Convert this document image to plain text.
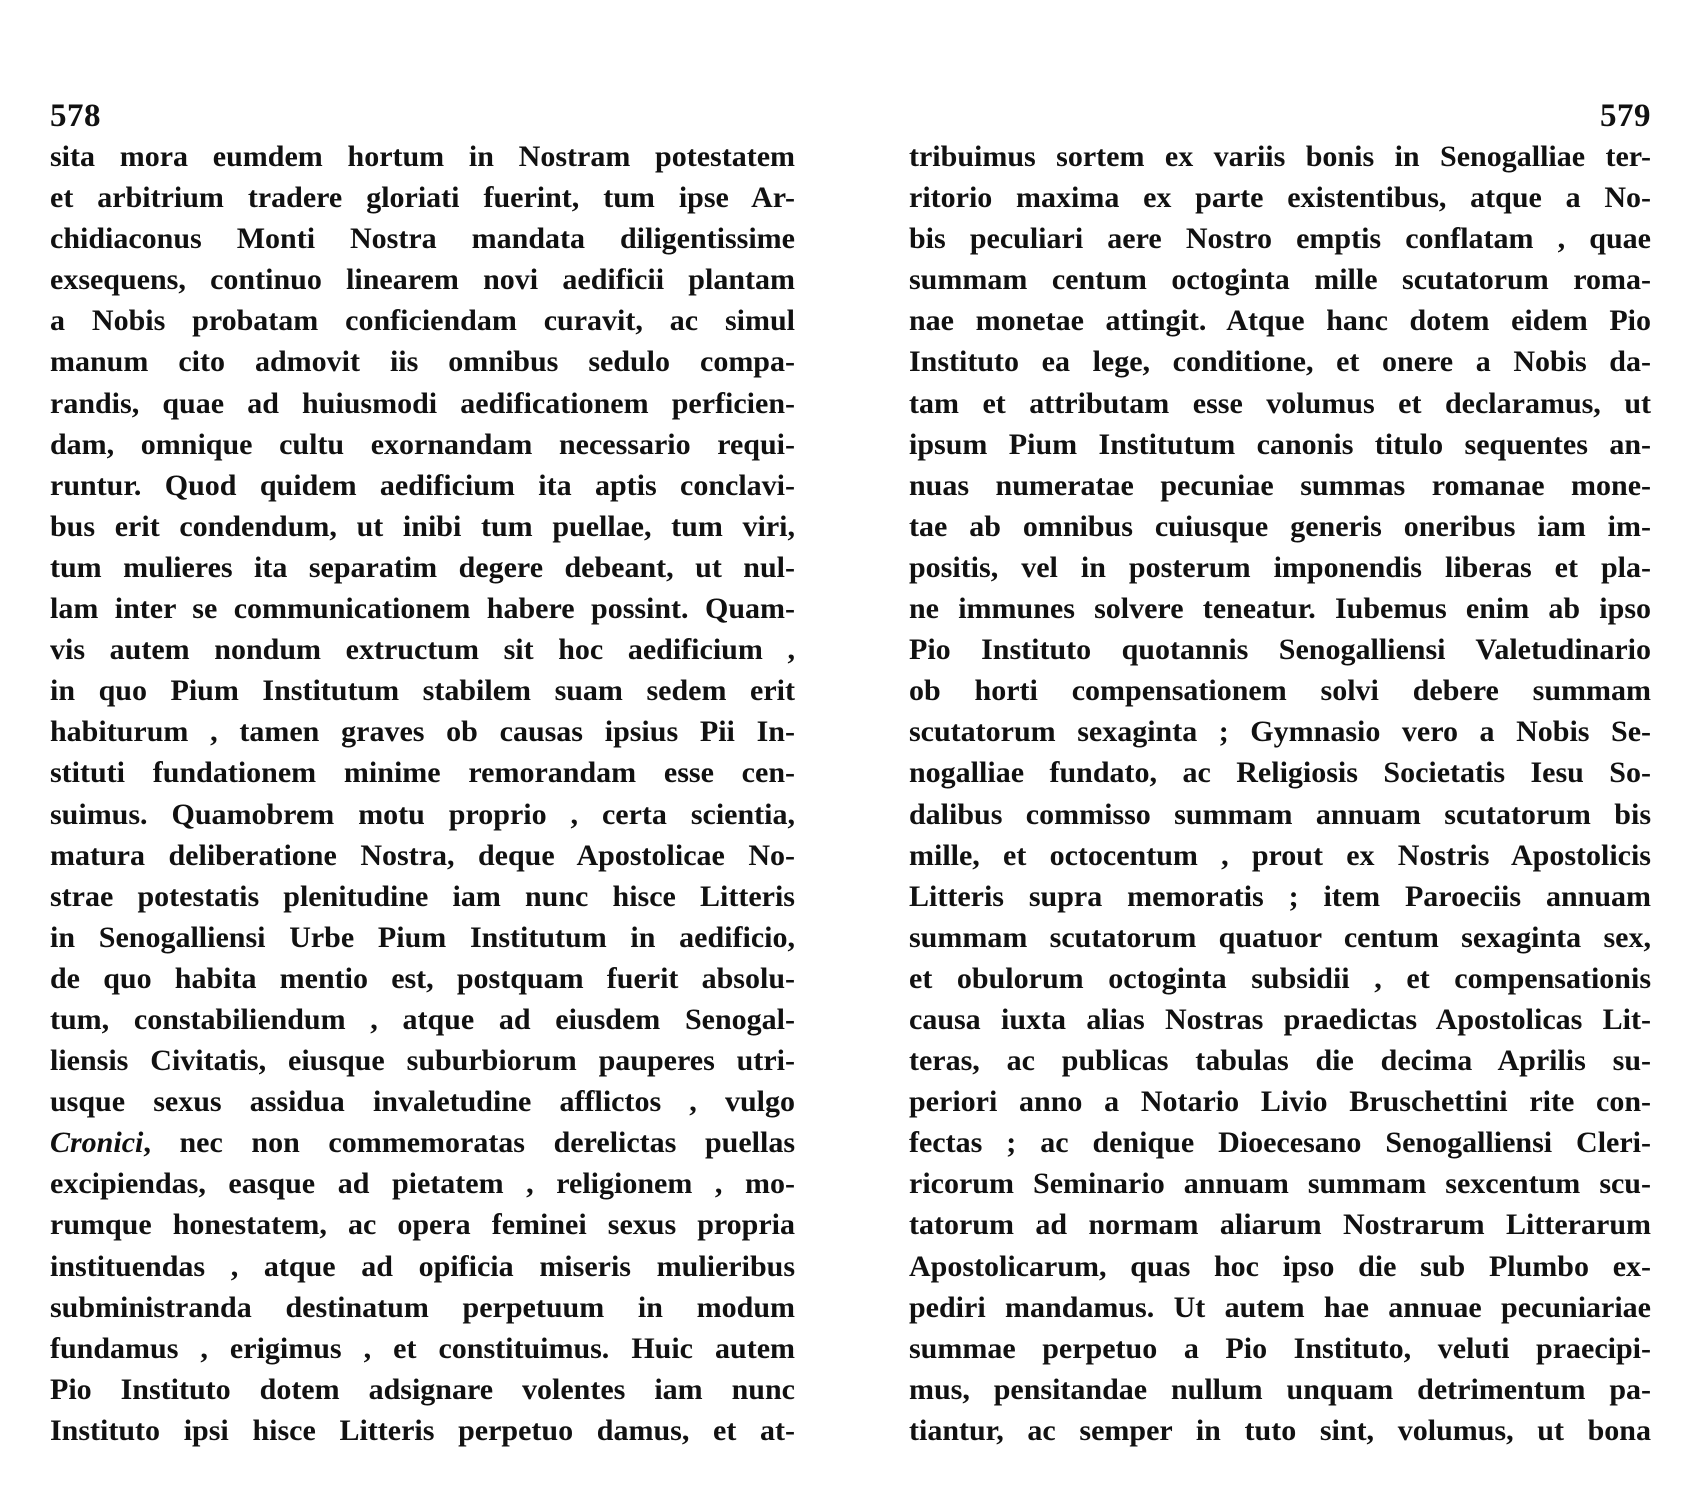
578
sita mora eumdem hortum in Nostram potestatem
et arbitrium tradere gloriati fuerint, tum ipse Ar-
chidiaconus Monti Nostra mandata diligentissime
exsequens, continuo linearem novi aedificii plantam
a Nobis probatam conficiendam curavit, ac simul
manum cito admovit iis omnibus sedulo compa-
randis, quae ad huiusmodi aedificationem perficien-
dam, omnique cultu exornandam necessario requi-
runtur. Quod quidem aedificium ita aptis conclavi-
bus erit condendum, ut inibi tum puellae, tum viri,
tum mulieres ita separatim degere debeant, ut nul-
lam inter se communicationem habere possint. Quam-
vis autem nondum extructum sit hoc aedificium ,
in quo Pium Institutum stabilem suam sedem erit
habiturum , tamen graves ob causas ipsius Pii In-
stituti fundationem minime remorandam esse cen-
suimus. Quamobrem motu proprio , certa scientia,
matura deliberatione Nostra, deque Apostolicae No-
strae potestatis plenitudine iam nunc hisce Litteris
in Senogalliensi Urbe Pium Institutum in aedificio,
de quo habita mentio est, postquam fuerit absolu-
tum, constabiliendum , atque ad eiusdem Senogal-
liensis Civitatis, eiusque suburbiorum pauperes utri-
usque sexus assidua invaletudine afflictos , vulgo
Cronici, nec non commemoratas derelictas puellas
excipiendas, easque ad pietatem , religionem , mo-
rumque honestatem, ac opera feminei sexus propria
instituendas , atque ad opificia miseris mulieribus
subministranda destinatum perpetuum in modum
fundamus , erigimus , et constituimus. Huic autem
Pio Instituto dotem adsignare volentes iam nunc
Instituto ipsi hisce Litteris perpetuo damus, et at-
579
tribuimus sortem ex variis bonis in Senogalliae ter-
ritorio maxima ex parte existentibus, atque a No-
bis peculiari aere Nostro emptis conflatam , quae
summam centum octoginta mille scutatorum roma-
nae monetae attingit. Atque hanc dotem eidem Pio
Instituto ea lege, conditione, et onere a Nobis da-
tam et attributam esse volumus et declaramus, ut
ipsum Pium Institutum canonis titulo sequentes an-
nuas numeratae pecuniae summas romanae mone-
tae ab omnibus cuiusque generis oneribus iam im-
positis, vel in posterum imponendis liberas et pla-
ne immunes solvere teneatur. Iubemus enim ab ipso
Pio Instituto quotannis Senogalliensi Valetudinario
ob horti compensationem solvi debere summam
scutatorum sexaginta ; Gymnasio vero a Nobis Se-
nogalliae fundato, ac Religiosis Societatis Iesu So-
dalibus commisso summam annuam scutatorum bis
mille, et octocentum , prout ex Nostris Apostolicis
Litteris supra memoratis ; item Paroeciis annuam
summam scutatorum quatuor centum sexaginta sex,
et obulorum octoginta subsidii , et compensationis
causa iuxta alias Nostras praedictas Apostolicas Lit-
teras, ac publicas tabulas die decima Aprilis su-
periori anno a Notario Livio Bruschettini rite con-
fectas ; ac denique Dioecesano Senogalliensi Cleri-
ricorum Seminario annuam summam sexcentum scu-
tatorum ad normam aliarum Nostrarum Litterarum
Apostolicarum, quas hoc ipso die sub Plumbo ex-
pediri mandamus. Ut autem hae annuae pecuniariae
summae perpetuo a Pio Instituto, veluti praecipi-
mus, pensitandae nullum unquam detrimentum pa-
tiantur, ac semper in tuto sint, volumus, ut bona
